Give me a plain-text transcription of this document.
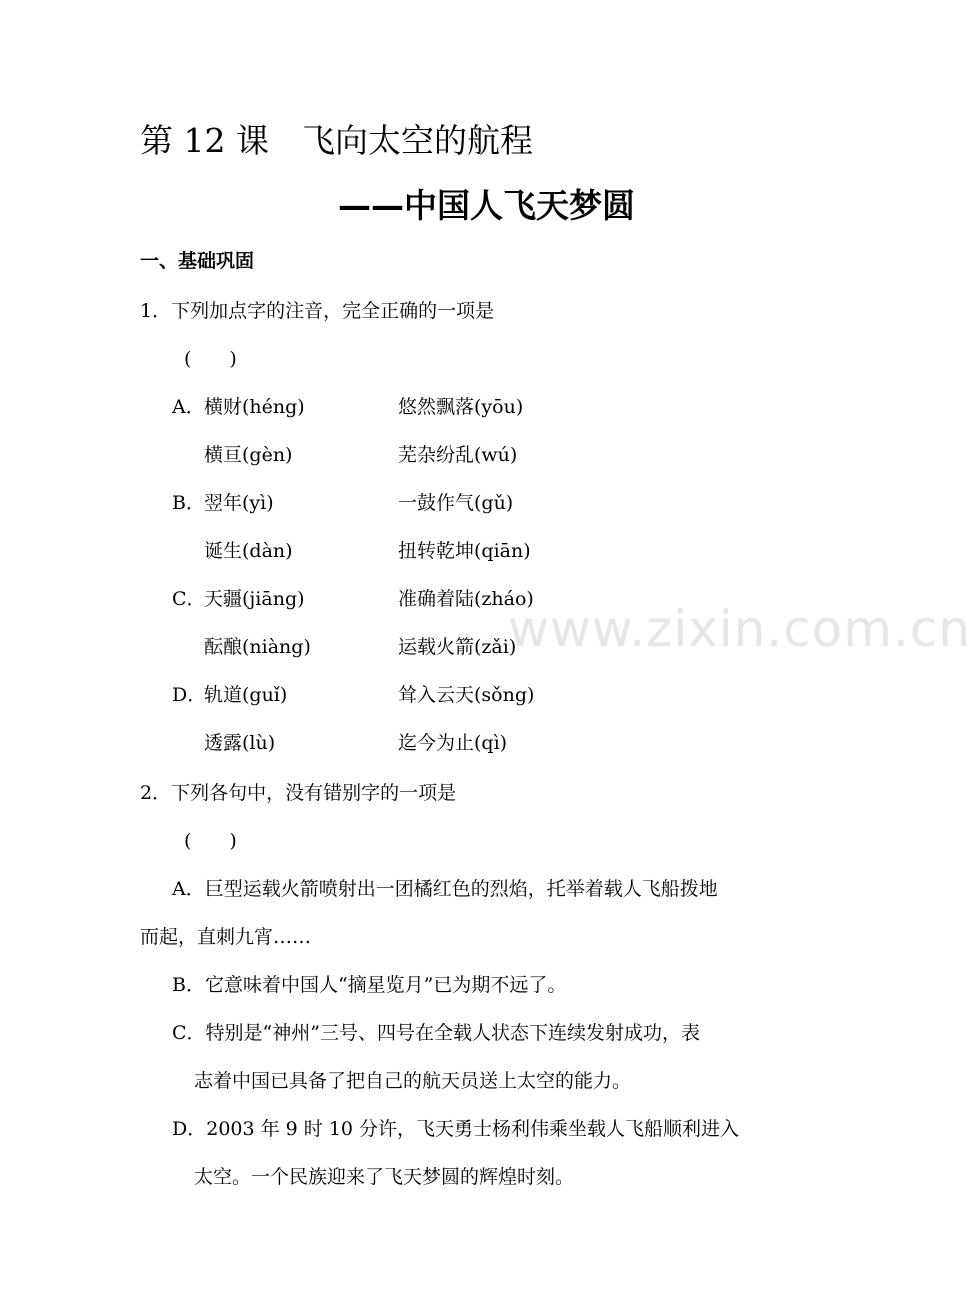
第 12 课　飞向太空的航程
——中国人飞天梦圆
一、基础巩固
1．下列加点字的注音，完全正确的一项是
(　　)
A． 横财(héng)	悠然飘落(yōu)
横亘(gèn)	芜杂纷乱(wú)
B． 翌年(yì)	一鼓作气(gǔ)
诞生(dàn)	扭转乾坤(qiān)
C．
天疆(jiāng)	准确着陆(zháo)
酝酿(niàng)	运载火箭(zǎi)
D．
轨道(guǐ)	耸入云天(sǒng)
透露(lù)	迄今为止(qì)
2．下列各句中，没有错别字的一项是
(　　)
A．巨型运载火箭喷射出一团橘红色的烈焰，托举着载人飞船拨地
而起，直刺九宵……
B．它意味着中国人“摘星览月”已为期不远了。
C．特别是“神州”三号、四号在全载人状态下连续发射成功，表
志着中国已具备了把自己的航天员送上太空的能力。
D．2003 年 9 时 10 分许，飞天勇士杨利伟乘坐载人飞船顺利进入
太空。一个民族迎来了飞天梦圆的辉煌时刻。
www.zixin.com.cn
